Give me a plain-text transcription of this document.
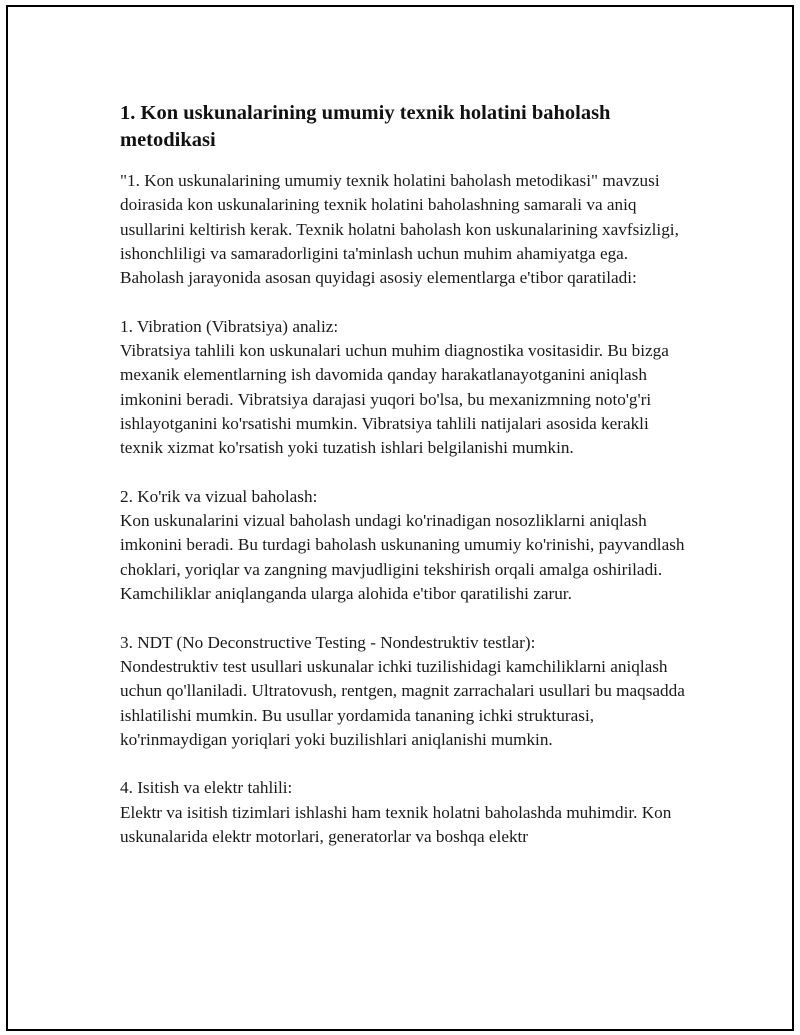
1. Kon uskunalarining umumiy texnik holatini baholash metodikasi

"1. Kon uskunalarining umumiy texnik holatini baholash metodikasi" mavzusi doirasida kon uskunalarining texnik holatini baholashning samarali va aniq usullarini keltirish kerak. Texnik holatni baholash kon uskunalarining xavfsizligi, ishonchliligi va samaradorligini ta'minlash uchun muhim ahamiyatga ega. Baholash jarayonida asosan quyidagi asosiy elementlarga e'tibor qaratiladi:

1. Vibration (Vibratsiya) analiz:

Vibratsiya tahlili kon uskunalari uchun muhim diagnostika vositasidir. Bu bizga mexanik elementlarning ish davomida qanday harakatlanayotganini aniqlash imkonini beradi. Vibratsiya darajasi yuqori bo'lsa, bu mexanizmning noto'g'ri ishlayotganini ko'rsatishi mumkin. Vibratsiya tahlili natijalari asosida kerakli texnik xizmat ko'rsatish yoki tuzatish ishlari belgilanishi mumkin.

2. Ko'rik va vizual baholash:

Kon uskunalarini vizual baholash undagi ko'rinadigan nosozliklarni aniqlash imkonini beradi. Bu turdagi baholash uskunaning umumiy ko'rinishi, payvandlash choklari, yoriqlar va zangning mavjudligini tekshirish orqali amalga oshiriladi. Kamchiliklar aniqlanganda ularga alohida e'tibor qaratilishi zarur.

3. NDT (No Deconstructive Testing - Nondestruktiv testlar):

Nondestruktiv test usullari uskunalar ichki tuzilishidagi kamchiliklarni aniqlash uchun qo'llaniladi. Ultratovush, rentgen, magnit zarrachalari usullari bu maqsadda ishlatilishi mumkin. Bu usullar yordamida tananing ichki strukturasi, ko'rinmaydigan yoriqlari yoki buzilishlari aniqlanishi mumkin.

4. Isitish va elektr tahlili:

Elektr va isitish tizimlari ishlashi ham texnik holatni baholashda muhimdir. Kon uskunalarida elektr motorlari, generatorlar va boshqa elektr
